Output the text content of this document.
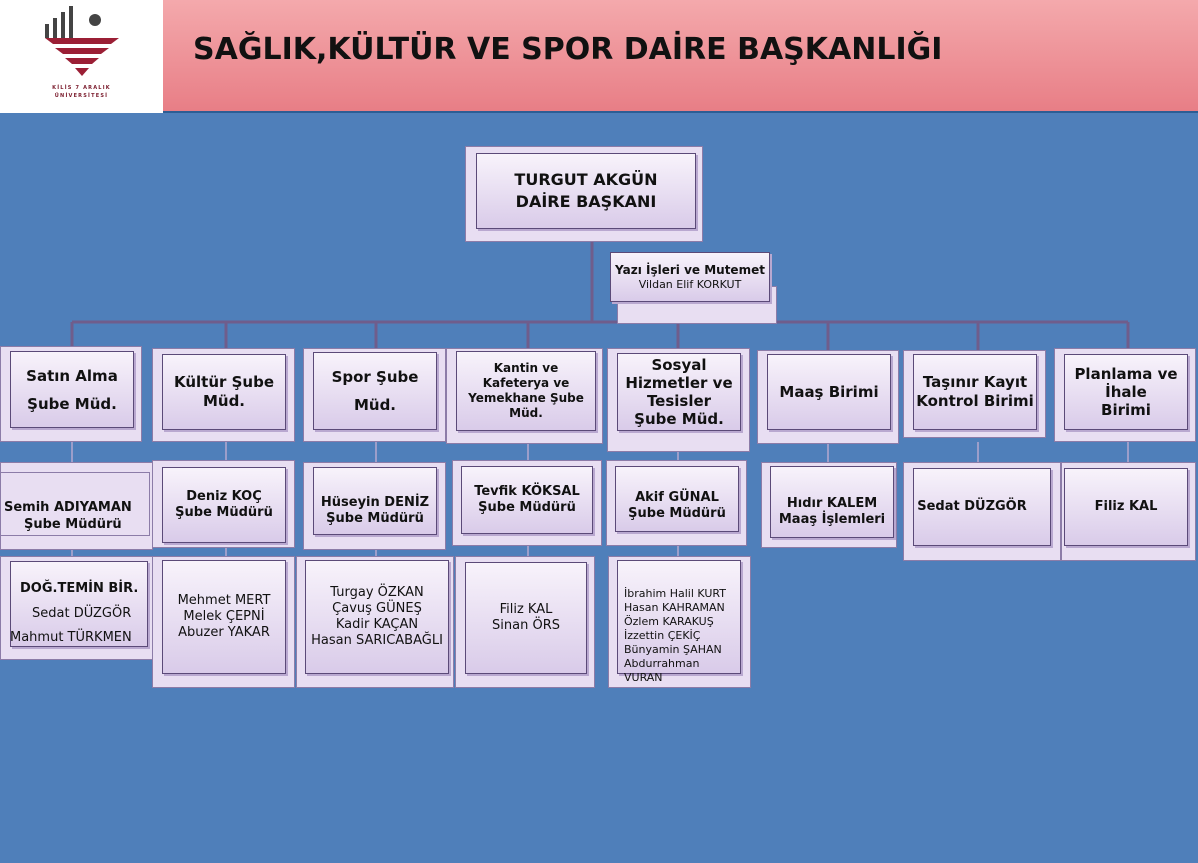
KİLİS 7 ARALIK
ÜNİVERSİTESİ
SAĞLIK,KÜLTÜR VE SPOR DAİRE BAŞKANLIĞI
TURGUT AKGÜN
DAİRE BAŞKANI
Yazı İşleri ve Mutemet
Vildan Elif KORKUT
Satın Alma
Şube Müd.
Kültür Şube
Müd.
Spor Şube
Müd.
Kantin ve
Kafeterya ve
Yemekhane Şube
Müd.
Sosyal
Hizmetler ve
Tesisler
Şube Müd.
Maaş Birimi
Taşınır Kayıt
Kontrol Birimi
Planlama ve
İhale
Birimi
Semih ADIYAMAN
Şube Müdürü
Deniz KOÇ
Şube Müdürü
Hüseyin DENİZ
Şube Müdürü
Tevfik KÖKSAL
Şube Müdürü
Akif GÜNAL
Şube Müdürü
Hıdır KALEM
Maaş İşlemleri
Sedat DÜZGÖR	Filiz KAL
DOĞ.TEMİN BİR.
Sedat DÜZGÖR
Mahmut TÜRKMEN
Mehmet MERT
Melek ÇEPNİ
Abuzer YAKAR
Turgay ÖZKAN
Çavuş GÜNEŞ
Kadir KAÇAN
Hasan SARICABAĞLI
Filiz KAL
Sinan ÖRS
İbrahim Halil KURT
Hasan KAHRAMAN
Özlem KARAKUŞ
İzzettin ÇEKİÇ
Bünyamin ŞAHAN
Abdurrahman
VURAN
